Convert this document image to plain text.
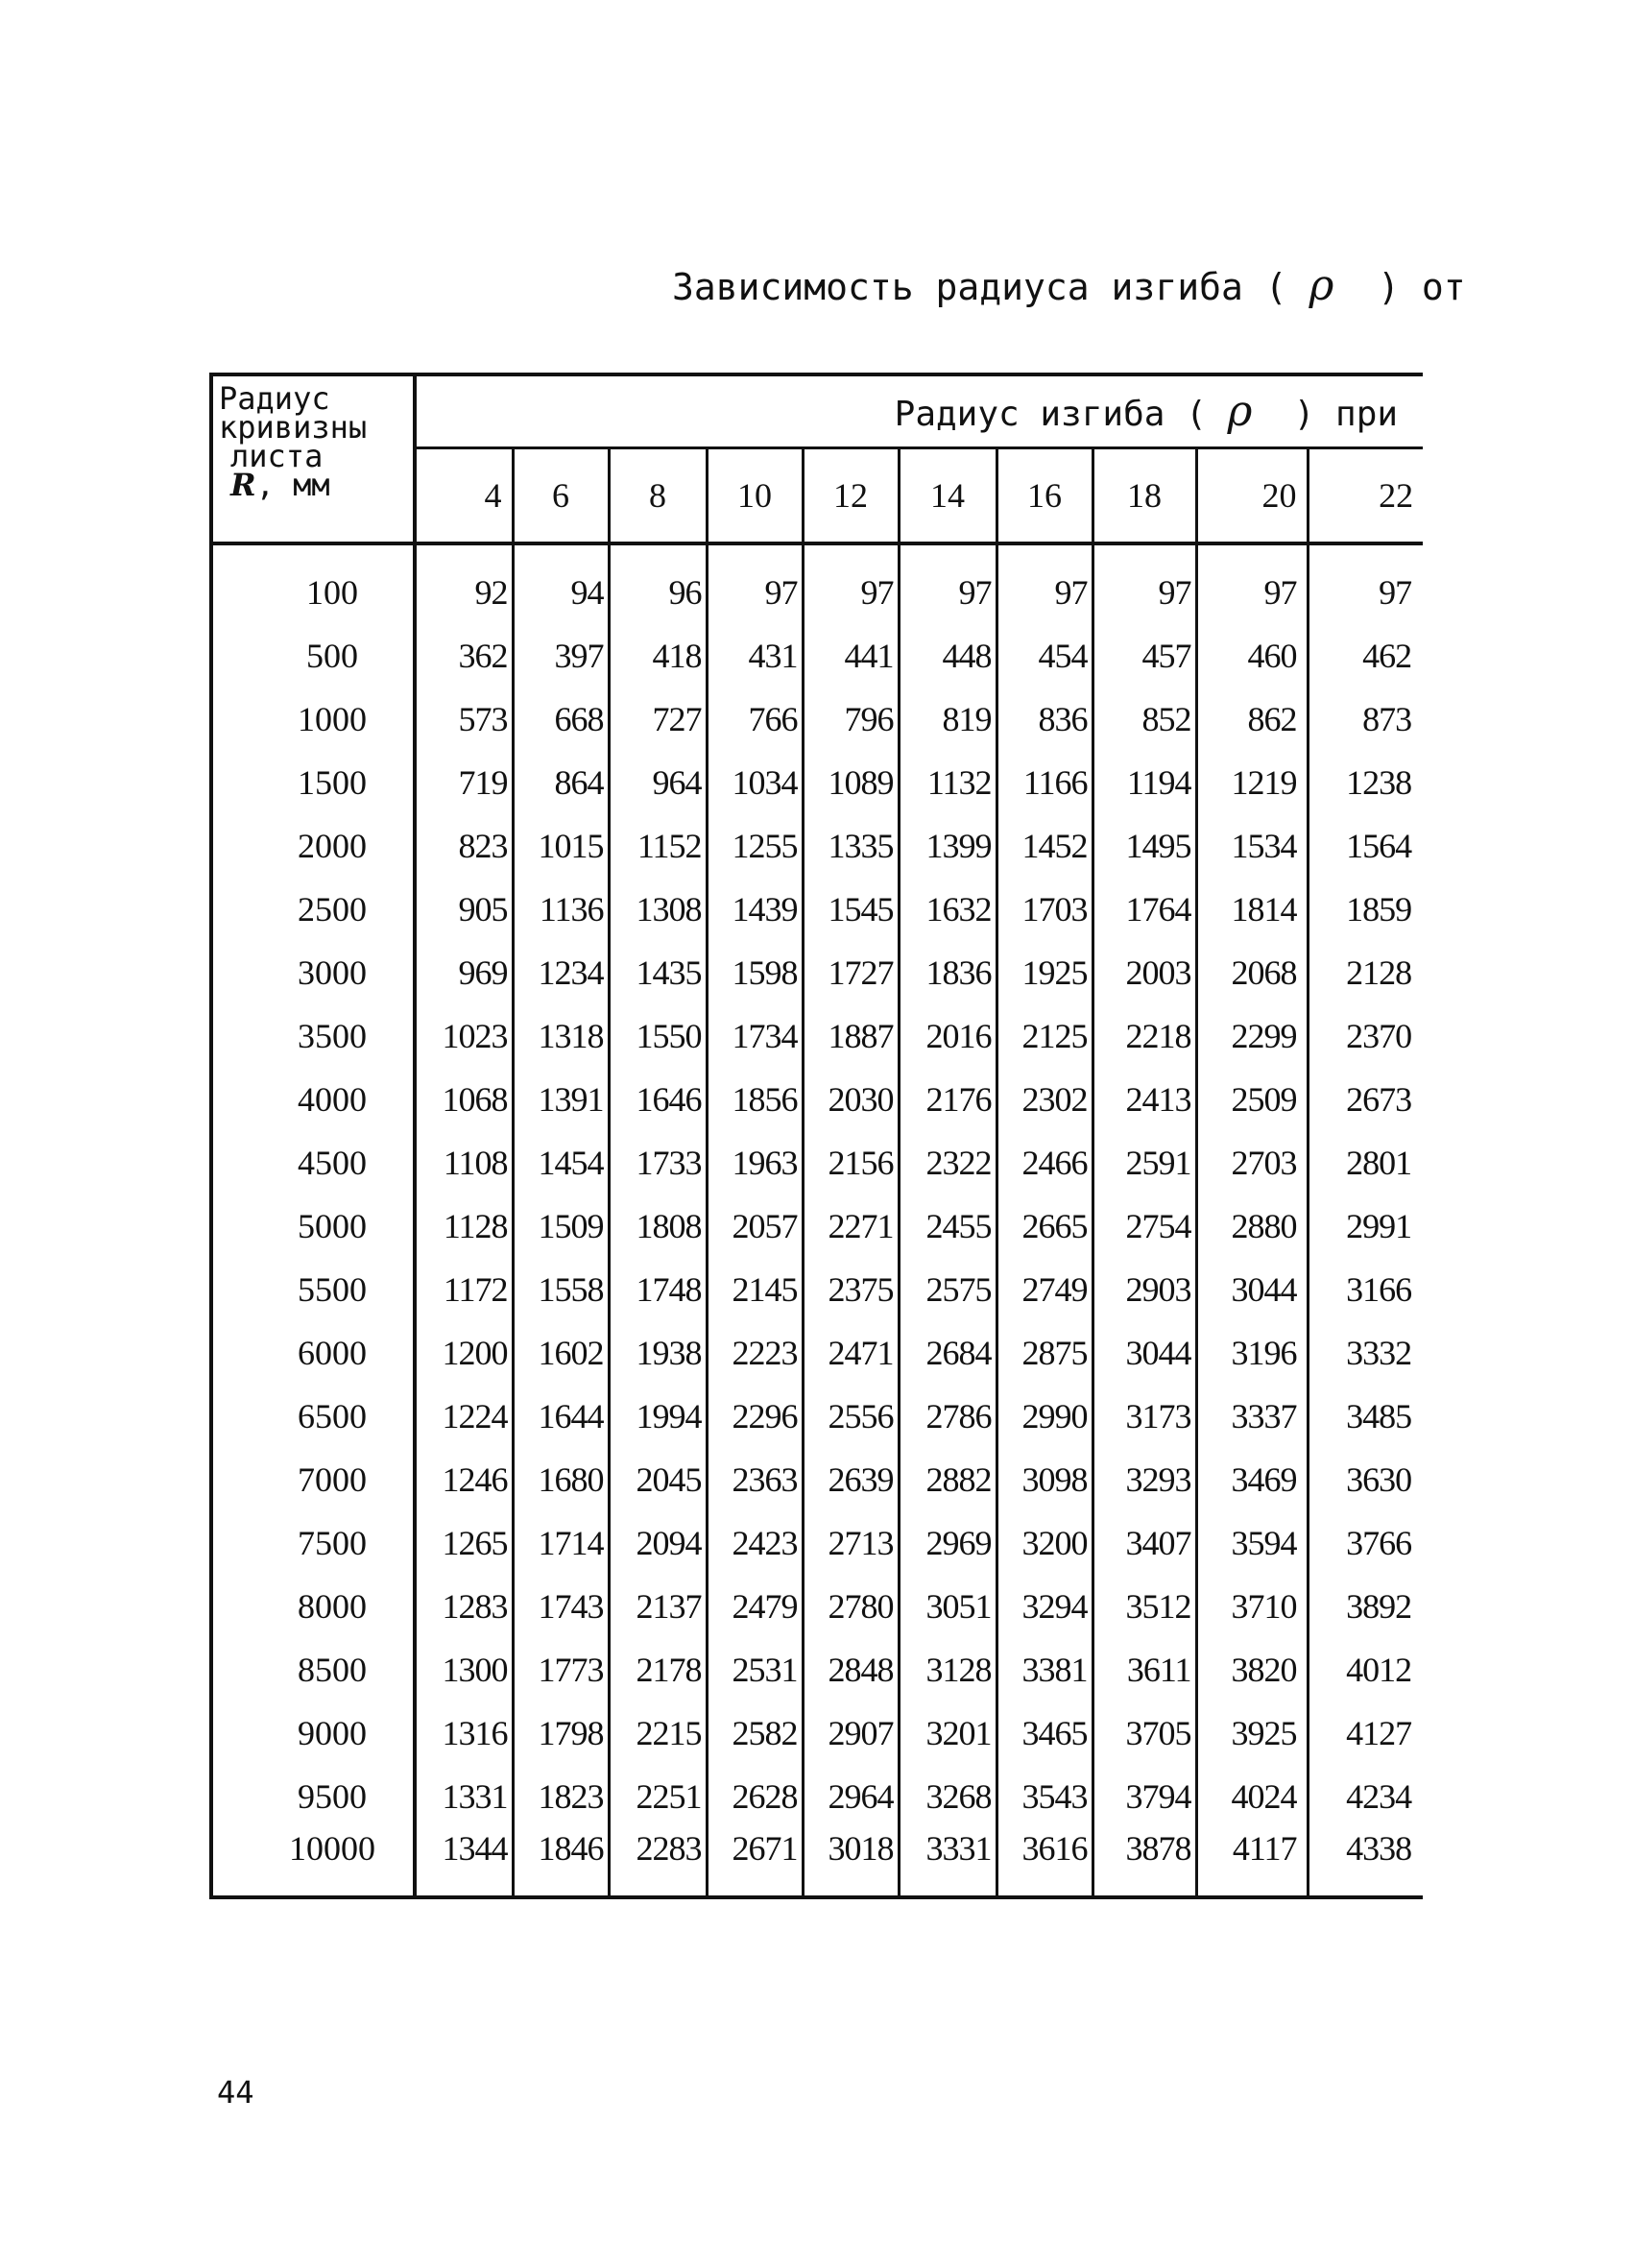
Зависимость радиуса изгиба ( ρ ) от
Радиус
кривизны
листа
R, мм	Радиус изгиба ( ρ ) при									
	4	6	8	10	12	14	16	18	20	22

100	92	94	96	97	97	97	97	97	97	97
500	362	397	418	431	441	448	454	457	460	462
1000	573	668	727	766	796	819	836	852	862	873
1500	719	864	964	1034	1089	1132	1166	1194	1219	1238
2000	823	1015	1152	1255	1335	1399	1452	1495	1534	1564
2500	905	1136	1308	1439	1545	1632	1703	1764	1814	1859
3000	969	1234	1435	1598	1727	1836	1925	2003	2068	2128
3500	1023	1318	1550	1734	1887	2016	2125	2218	2299	2370
4000	1068	1391	1646	1856	2030	2176	2302	2413	2509	2673
4500	1108	1454	1733	1963	2156	2322	2466	2591	2703	2801
5000	1128	1509	1808	2057	2271	2455	2665	2754	2880	2991
5500	1172	1558	1748	2145	2375	2575	2749	2903	3044	3166
6000	1200	1602	1938	2223	2471	2684	2875	3044	3196	3332
6500	1224	1644	1994	2296	2556	2786	2990	3173	3337	3485
7000	1246	1680	2045	2363	2639	2882	3098	3293	3469	3630
7500	1265	1714	2094	2423	2713	2969	3200	3407	3594	3766
8000	1283	1743	2137	2479	2780	3051	3294	3512	3710	3892
8500	1300	1773	2178	2531	2848	3128	3381	3611	3820	4012
9000	1316	1798	2215	2582	2907	3201	3465	3705	3925	4127
9500	1331	1823	2251	2628	2964	3268	3543	3794	4024	4234
10000	1344	1846	2283	2671	3018	3331	3616	3878	4117	4338
44
